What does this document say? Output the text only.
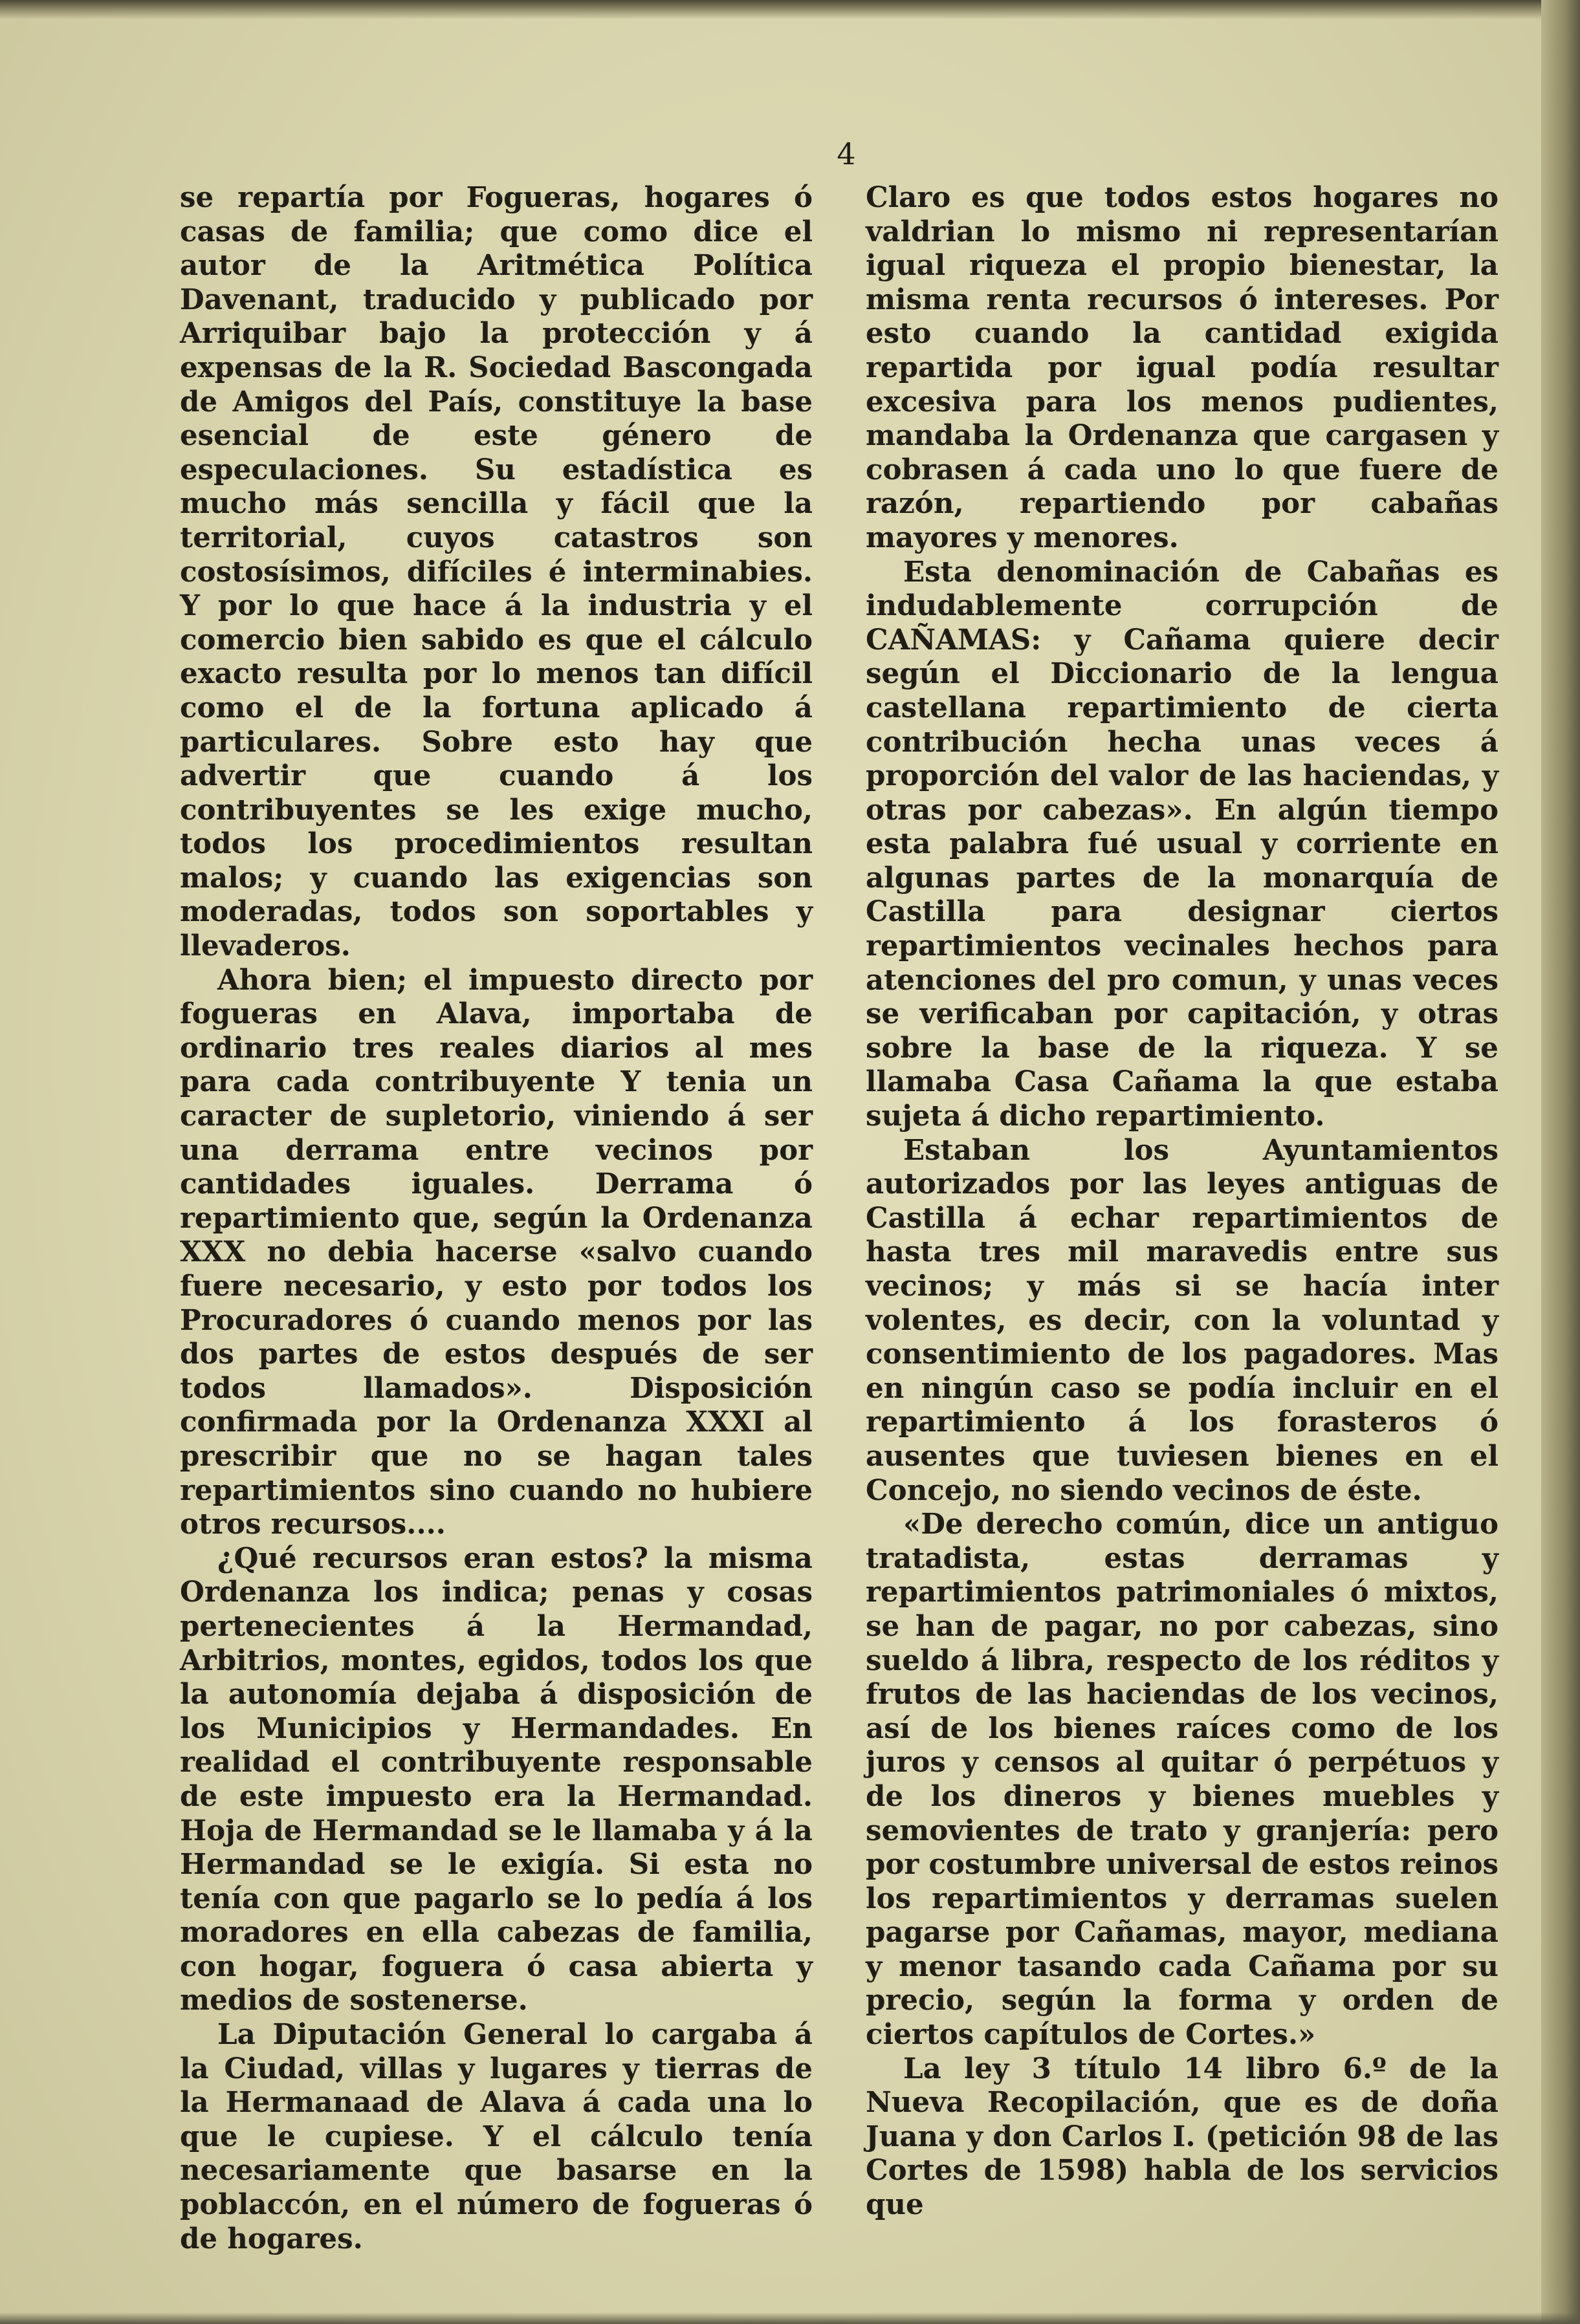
4

se repartía por Fogueras, hogares ó casas de familia; que como dice el autor de la Aritmética Política Davenant, traducido y publicado por Arriquibar bajo la protección y á expensas de la R. Sociedad Bascongada de Amigos del País, constituye la base esencial de este género de especulaciones. Su estadística es mucho más sencilla y fácil que la territorial, cuyos catastros son costosísimos, difíciles é interminabies. Y por lo que hace á la industria y el comercio bien sabido es que el cálculo exacto resulta por lo menos tan difícil como el de la fortuna aplicado á particulares. Sobre esto hay que advertir que cuando á los contribuyentes se les exige mucho, todos los procedimientos resultan malos; y cuando las exigencias son moderadas, todos son soportables y llevaderos.

Ahora bien; el impuesto directo por fogueras en Alava, importaba de ordinario tres reales diarios al mes para cada contribuyente Y tenia un caracter de supletorio, viniendo á ser una derrama entre vecinos por cantidades iguales. Derrama ó repartimiento que, según la Ordenanza XXX no debia hacerse «salvo cuando fuere necesario, y esto por todos los Procuradores ó cuando menos por las dos partes de estos después de ser todos llamados». Disposición confirmada por la Ordenanza XXXI al prescribir que no se hagan tales repartimientos sino cuando no hubiere otros recursos....

¿Qué recursos eran estos? la misma Ordenanza los indica; penas y cosas pertenecientes á la Hermandad, Arbitrios, montes, egidos, todos los que la autonomía dejaba á disposición de los Municipios y Hermandades. En realidad el contribuyente responsable de este impuesto era la Hermandad. Hoja de Hermandad se le llamaba y á la Hermandad se le exigía. Si esta no tenía con que pagarlo se lo pedía á los moradores en ella cabezas de familia, con hogar, foguera ó casa abierta y medios de sostenerse.

La Diputación General lo cargaba á la Ciudad, villas y lugares y tierras de la Hermanaad de Alava á cada una lo que le cupiese. Y el cálculo tenía necesariamente que basarse en la poblaccón, en el número de fogueras ó de hogares.

Claro es que todos estos hogares no valdrian lo mismo ni representarían igual riqueza el propio bienestar, la misma renta recursos ó intereses. Por esto cuando la cantidad exigida repartida por igual podía resultar excesiva para los menos pudientes, mandaba la Ordenanza que cargasen y cobrasen á cada uno lo que fuere de razón, repartiendo por cabañas mayores y menores.

Esta denominación de Cabañas es indudablemente corrupción de CAÑAMAS: y Cañama quiere decir según el Diccionario de la lengua castellana repartimiento de cierta contribución hecha unas veces á proporción del valor de las haciendas, y otras por cabezas». En algún tiempo esta palabra fué usual y corriente en algunas partes de la monarquía de Castilla para designar ciertos repartimientos vecinales hechos para atenciones del pro comun, y unas veces se verificaban por capitación, y otras sobre la base de la riqueza. Y se llamaba Casa Cañama la que estaba sujeta á dicho repartimiento.

Estaban los Ayuntamientos autorizados por las leyes antiguas de Castilla á echar repartimientos de hasta tres mil maravedis entre sus vecinos; y más si se hacía inter volentes, es decir, con la voluntad y consentimiento de los pagadores. Mas en ningún caso se podía incluir en el repartimiento á los forasteros ó ausentes que tuviesen bienes en el Concejo, no siendo vecinos de éste.

«De derecho común, dice un antiguo tratadista, estas derramas y repartimientos patrimoniales ó mixtos, se han de pagar, no por cabezas, sino sueldo á libra, respecto de los réditos y frutos de las haciendas de los vecinos, así de los bienes raíces como de los juros y censos al quitar ó perpétuos y de los dineros y bienes muebles y semovientes de trato y granjería: pero por costumbre universal de estos reinos los repartimientos y derramas suelen pagarse por Cañamas, mayor, mediana y menor tasando cada Cañama por su precio, según la forma y orden de ciertos capítulos de Cortes.»

La ley 3 título 14 libro 6.º de la Nueva Recopilación, que es de doña Juana y don Carlos I. (petición 98 de las Cortes de 1598) habla de los servicios que
